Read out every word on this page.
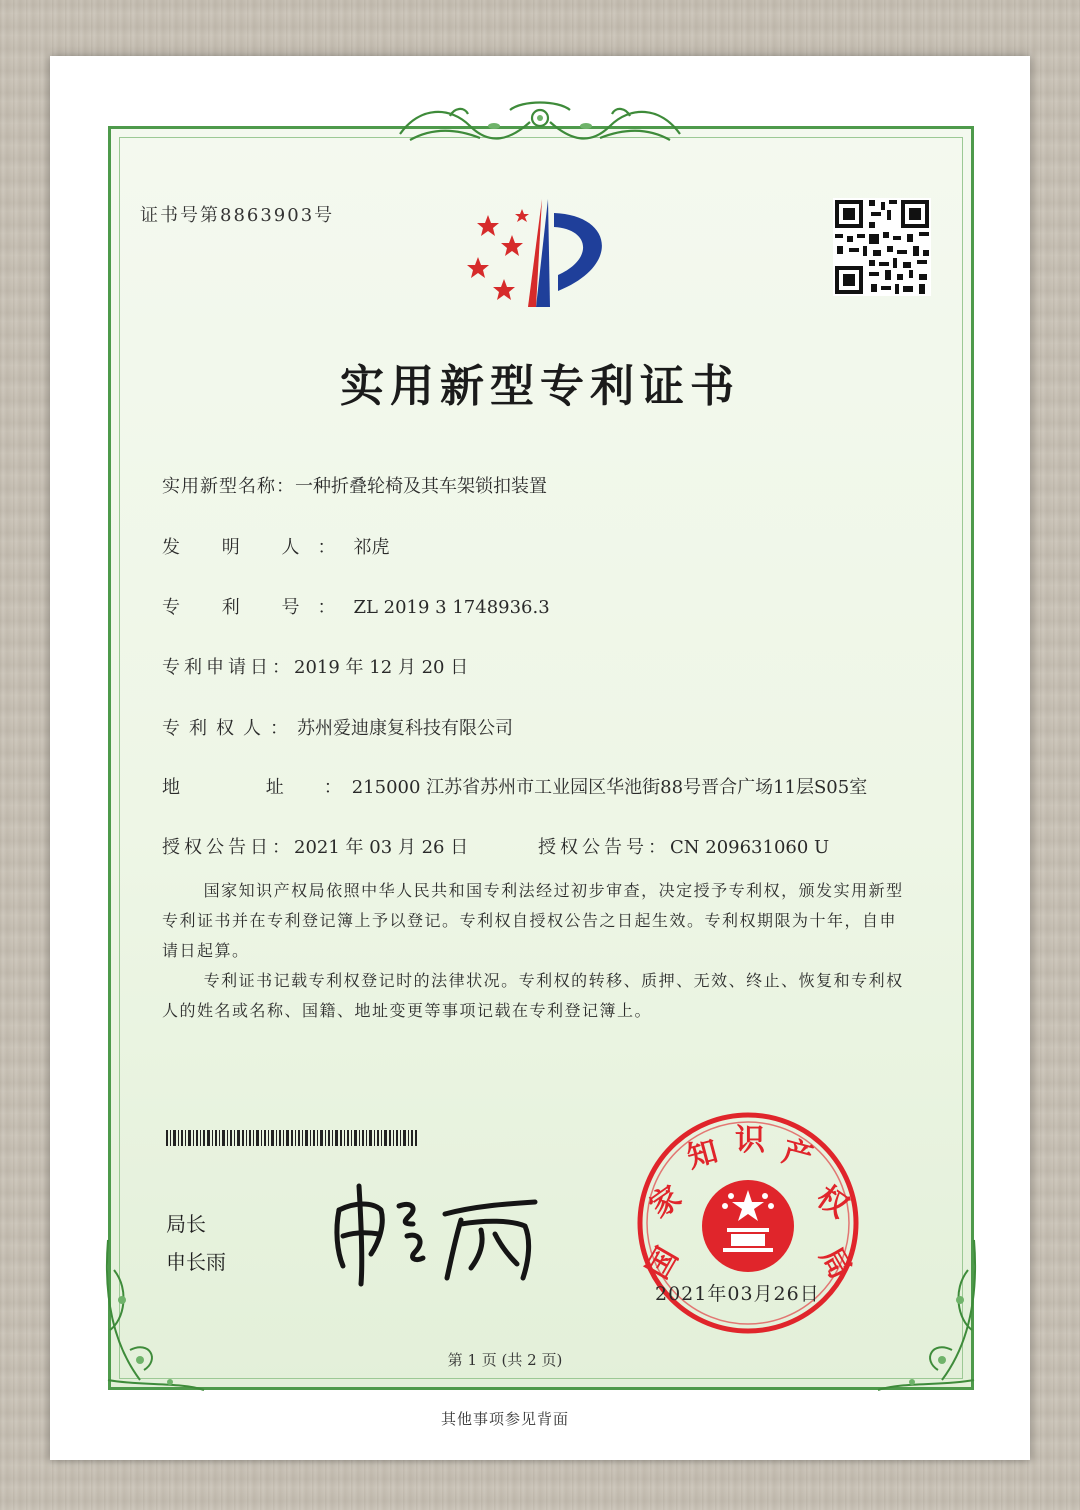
证书号第8863903号
实用新型专利证书
实用新型名称：一种折叠轮椅及其车架锁扣装置
发 明 人：祁虎
专 利 号：ZL 2019 3 1748936.3
专利申请日：2019 年 12 月 20 日
专利权人：苏州爱迪康复科技有限公司
地 址：215000 江苏省苏州市工业园区华池街88号晋合广场11层S05室
授权公告日：2021 年 03 月 26 日	授权公告号：CN 209631060 U

国家知识产权局依照中华人民共和国专利法经过初步审查，决定授予专利权，颁发实用新型专利证书并在专利登记簿上予以登记。专利权自授权公告之日起生效。专利权期限为十年，自申请日起算。

专利证书记载专利权登记时的法律状况。专利权的转移、质押、无效、终止、恢复和专利权人的姓名或名称、国籍、地址变更等事项记载在专利登记簿上。

局长
申长雨	国
家
知 识 产
权
局
2021年03月26日
第 1 页 (共 2 页)
其他事项参见背面
